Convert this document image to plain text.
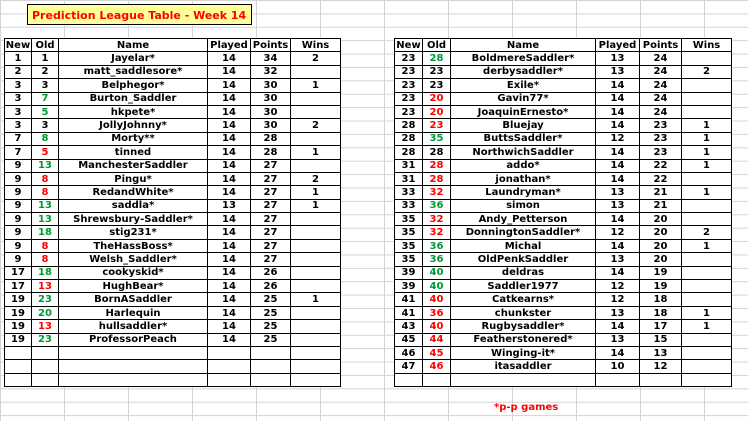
Prediction League Table - Week 14
New	Old	Name	Played	Points	Wins
1	1	Jayelar*	14	34	2
2	2	matt_saddlesore*	14	32	
3	3	Belphegor*	14	30	1
3	7	Burton_Saddler	14	30	
3	5	hkpete*	14	30	
3	3	JollyJohnny*	14	30	2
7	8	Morty**	14	28	
7	5	tinned	14	28	1
9	13	ManchesterSaddler	14	27	
9	8	Pingu*	14	27	2
9	8	RedandWhite*	14	27	1
9	13	saddla*	13	27	1
9	13	Shrewsbury-Saddler*	14	27	
9	18	stig231*	14	27	
9	8	TheHassBoss*	14	27	
9	8	Welsh_Saddler*	14	27	
17	18	cookyskid*	14	26	
17	13	HughBear*	14	26	
19	23	BornASaddler	14	25	1
19	20	Harlequin	14	25	
19	13	hullsaddler*	14	25	
19	23	ProfessorPeach	14	25	

New	Old	Name	Played	Points	Wins
23	28	BoldmereSaddler*	13	24	
23	23	derbysaddler*	13	24	2
23	23	Exile*	14	24	
23	20	Gavin77*	14	24	
23	20	JoaquinErnesto*	14	24	
28	23	Bluejay	14	23	1
28	35	ButtsSaddler*	12	23	1
28	28	NorthwichSaddler	14	23	1
31	28	addo*	14	22	1
31	28	jonathan*	14	22	
33	32	Laundryman*	13	21	1
33	36	simon	13	21	
35	32	Andy_Petterson	14	20	
35	32	DonningtonSaddler*	12	20	2
35	36	Michal	14	20	1
35	36	OldPenkSaddler	13	20	
39	40	deldras	14	19	
39	40	Saddler1977	12	19	
41	40	Catkearns*	12	18	
41	36	chunkster	13	18	1
43	40	Rugbysaddler*	14	17	1
45	44	Featherstonered*	13	15	
46	45	Winging-it*	14	13	
47	46	itasaddler	10	12	

*p-p games
